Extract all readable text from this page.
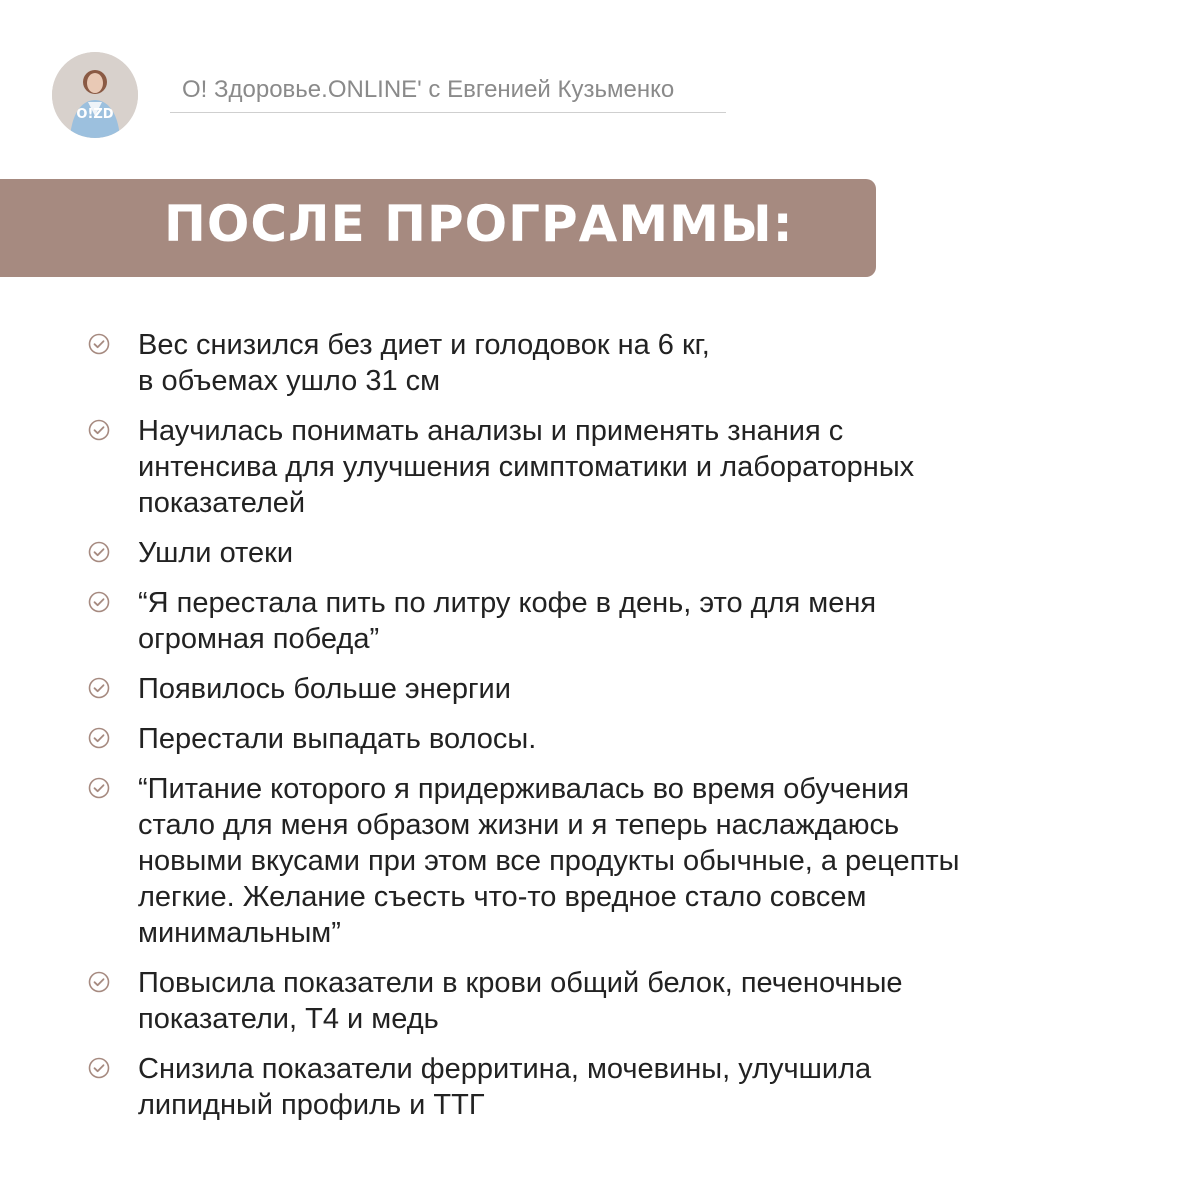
O!ZD
O! Здоровье.ONLINE' с Евгенией Кузьменко
ПОСЛЕ ПРОГРАММЫ:
Вес снизился без диет и голодовок на 6 кг,
в объемах ушло 31 см
Научилась понимать анализы и применять знания с
интенсива для улучшения симптоматики и лабораторных
показателей
Ушли отеки
“Я перестала пить по литру кофе в день, это для меня
огромная победа”
Появилось больше энергии
Перестали выпадать волосы.
“Питание которого я придерживалась во время обучения
стало для меня образом жизни и я теперь наслаждаюсь
новыми вкусами при этом все продукты обычные, а рецепты
легкие. Желание съесть что-то вредное стало совсем
минимальным”
Повысила показатели в крови общий белок, печеночные
показатели, Т4 и медь
Снизила показатели ферритина, мочевины, улучшила
липидный профиль и ТТГ
